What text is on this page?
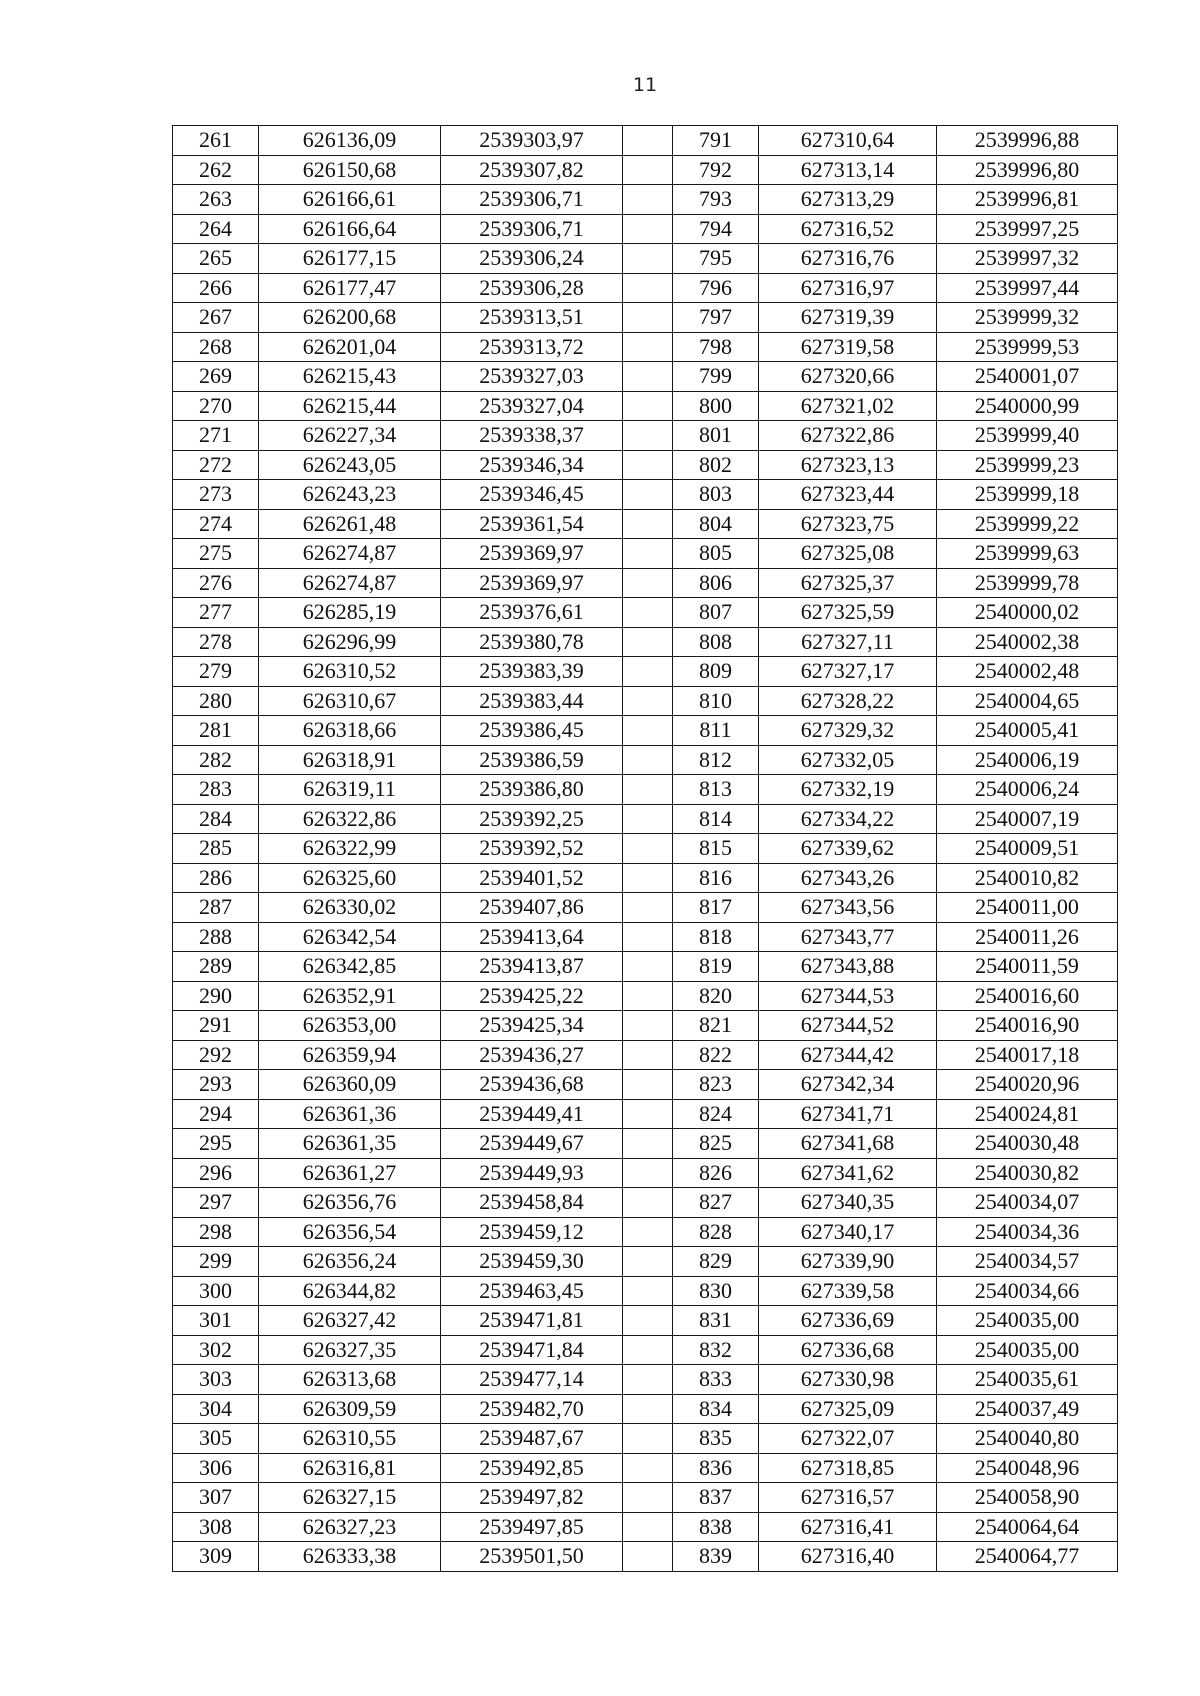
11
261	626136,09	2539303,97		791	627310,64	2539996,88
262	626150,68	2539307,82		792	627313,14	2539996,80
263	626166,61	2539306,71		793	627313,29	2539996,81
264	626166,64	2539306,71		794	627316,52	2539997,25
265	626177,15	2539306,24		795	627316,76	2539997,32
266	626177,47	2539306,28		796	627316,97	2539997,44
267	626200,68	2539313,51		797	627319,39	2539999,32
268	626201,04	2539313,72		798	627319,58	2539999,53
269	626215,43	2539327,03		799	627320,66	2540001,07
270	626215,44	2539327,04		800	627321,02	2540000,99
271	626227,34	2539338,37		801	627322,86	2539999,40
272	626243,05	2539346,34		802	627323,13	2539999,23
273	626243,23	2539346,45		803	627323,44	2539999,18
274	626261,48	2539361,54		804	627323,75	2539999,22
275	626274,87	2539369,97		805	627325,08	2539999,63
276	626274,87	2539369,97		806	627325,37	2539999,78
277	626285,19	2539376,61		807	627325,59	2540000,02
278	626296,99	2539380,78		808	627327,11	2540002,38
279	626310,52	2539383,39		809	627327,17	2540002,48
280	626310,67	2539383,44		810	627328,22	2540004,65
281	626318,66	2539386,45		811	627329,32	2540005,41
282	626318,91	2539386,59		812	627332,05	2540006,19
283	626319,11	2539386,80		813	627332,19	2540006,24
284	626322,86	2539392,25		814	627334,22	2540007,19
285	626322,99	2539392,52		815	627339,62	2540009,51
286	626325,60	2539401,52		816	627343,26	2540010,82
287	626330,02	2539407,86		817	627343,56	2540011,00
288	626342,54	2539413,64		818	627343,77	2540011,26
289	626342,85	2539413,87		819	627343,88	2540011,59
290	626352,91	2539425,22		820	627344,53	2540016,60
291	626353,00	2539425,34		821	627344,52	2540016,90
292	626359,94	2539436,27		822	627344,42	2540017,18
293	626360,09	2539436,68		823	627342,34	2540020,96
294	626361,36	2539449,41		824	627341,71	2540024,81
295	626361,35	2539449,67		825	627341,68	2540030,48
296	626361,27	2539449,93		826	627341,62	2540030,82
297	626356,76	2539458,84		827	627340,35	2540034,07
298	626356,54	2539459,12		828	627340,17	2540034,36
299	626356,24	2539459,30		829	627339,90	2540034,57
300	626344,82	2539463,45		830	627339,58	2540034,66
301	626327,42	2539471,81		831	627336,69	2540035,00
302	626327,35	2539471,84		832	627336,68	2540035,00
303	626313,68	2539477,14		833	627330,98	2540035,61
304	626309,59	2539482,70		834	627325,09	2540037,49
305	626310,55	2539487,67		835	627322,07	2540040,80
306	626316,81	2539492,85		836	627318,85	2540048,96
307	626327,15	2539497,82		837	627316,57	2540058,90
308	626327,23	2539497,85		838	627316,41	2540064,64
309	626333,38	2539501,50		839	627316,40	2540064,77
